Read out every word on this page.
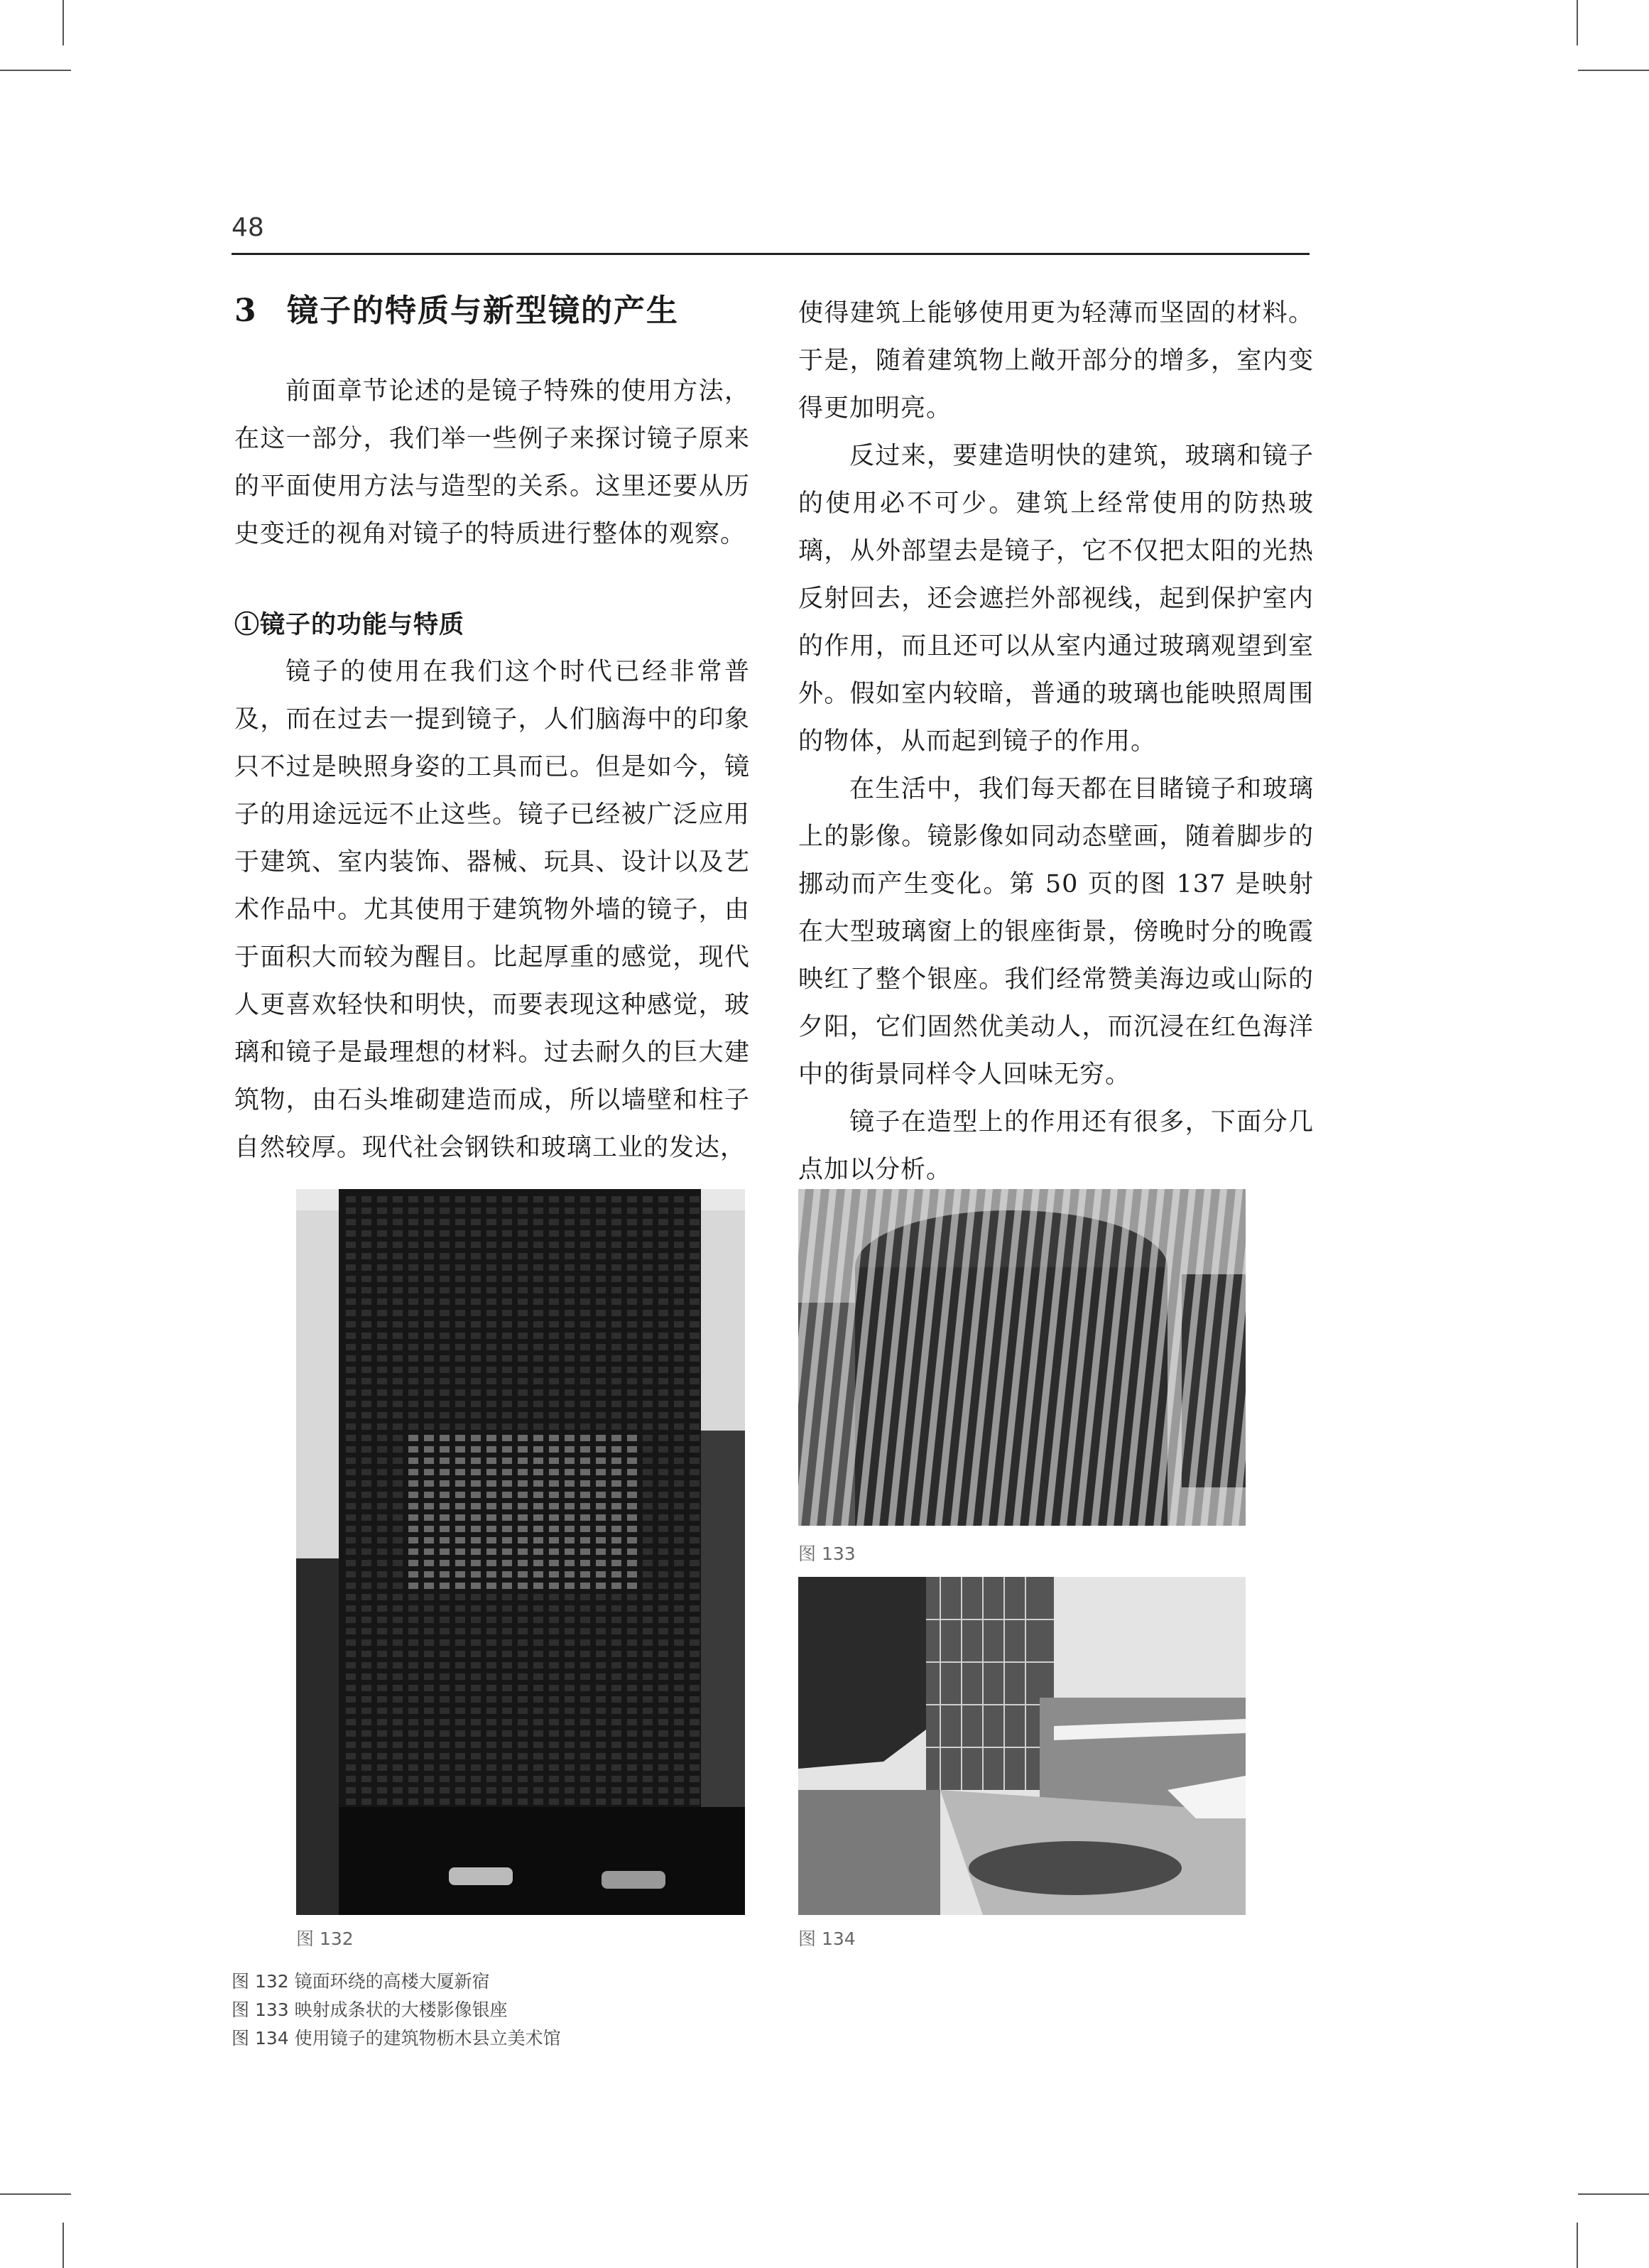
48
3 镜子的特质与新型镜的产生

前面章节论述的是镜子特殊的使用方法，在这一部分，我们举一些例子来探讨镜子原来的平面使用方法与造型的关系。这里还要从历史变迁的视角对镜子的特质进行整体的观察。

①镜子的功能与特质

镜子的使用在我们这个时代已经非常普及，而在过去一提到镜子，人们脑海中的印象只不过是映照身姿的工具而已。但是如今，镜子的用途远远不止这些。镜子已经被广泛应用于建筑、室内装饰、器械、玩具、设计以及艺术作品中。尤其使用于建筑物外墙的镜子，由于面积大而较为醒目。比起厚重的感觉，现代人更喜欢轻快和明快，而要表现这种感觉，玻璃和镜子是最理想的材料。过去耐久的巨大建筑物，由石头堆砌建造而成，所以墙壁和柱子自然较厚。现代社会钢铁和玻璃工业的发达，

使得建筑上能够使用更为轻薄而坚固的材料。于是，随着建筑物上敞开部分的增多，室内变得更加明亮。

反过来，要建造明快的建筑，玻璃和镜子的使用必不可少。建筑上经常使用的防热玻璃，从外部望去是镜子，它不仅把太阳的光热反射回去，还会遮拦外部视线，起到保护室内的作用，而且还可以从室内通过玻璃观望到室外。假如室内较暗，普通的玻璃也能映照周围的物体，从而起到镜子的作用。

在生活中，我们每天都在目睹镜子和玻璃上的影像。镜影像如同动态壁画，随着脚步的挪动而产生变化。第 50 页的图 137 是映射在大型玻璃窗上的银座街景，傍晚时分的晚霞映红了整个银座。我们经常赞美海边或山际的夕阳，它们固然优美动人，而沉浸在红色海洋中的街景同样令人回味无穷。

镜子在造型上的作用还有很多，下面分几点加以分析。

图 132
图 133
图 134
图 132 镜面环绕的高楼大厦新宿
图 133 映射成条状的大楼影像银座
图 134 使用镜子的建筑物枥木县立美术馆
